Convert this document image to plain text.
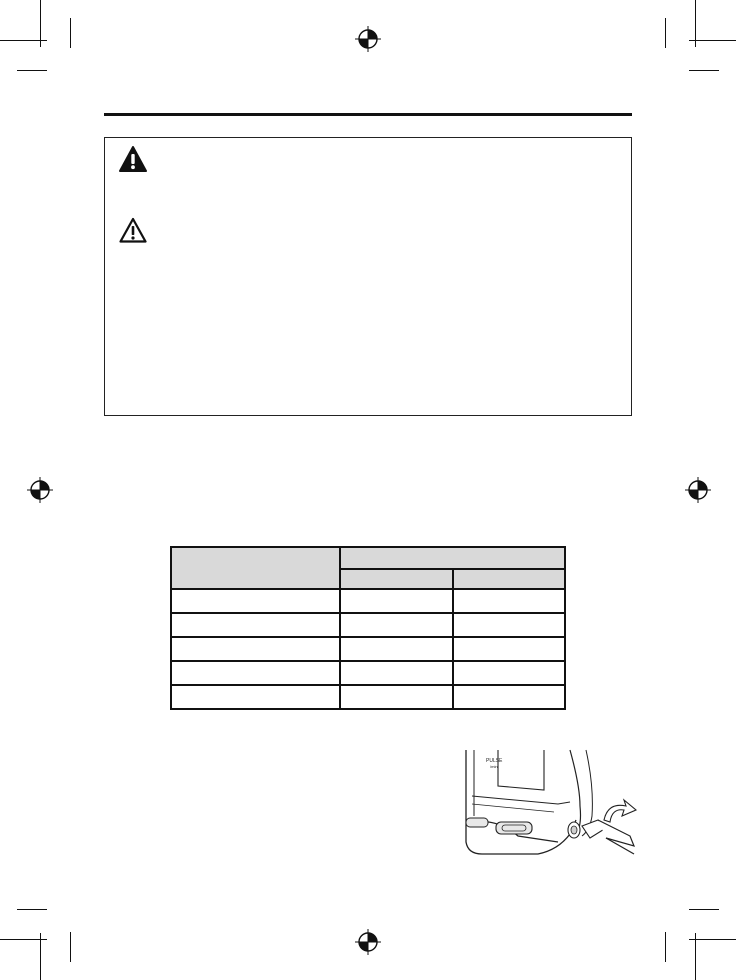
PULSE
/min
